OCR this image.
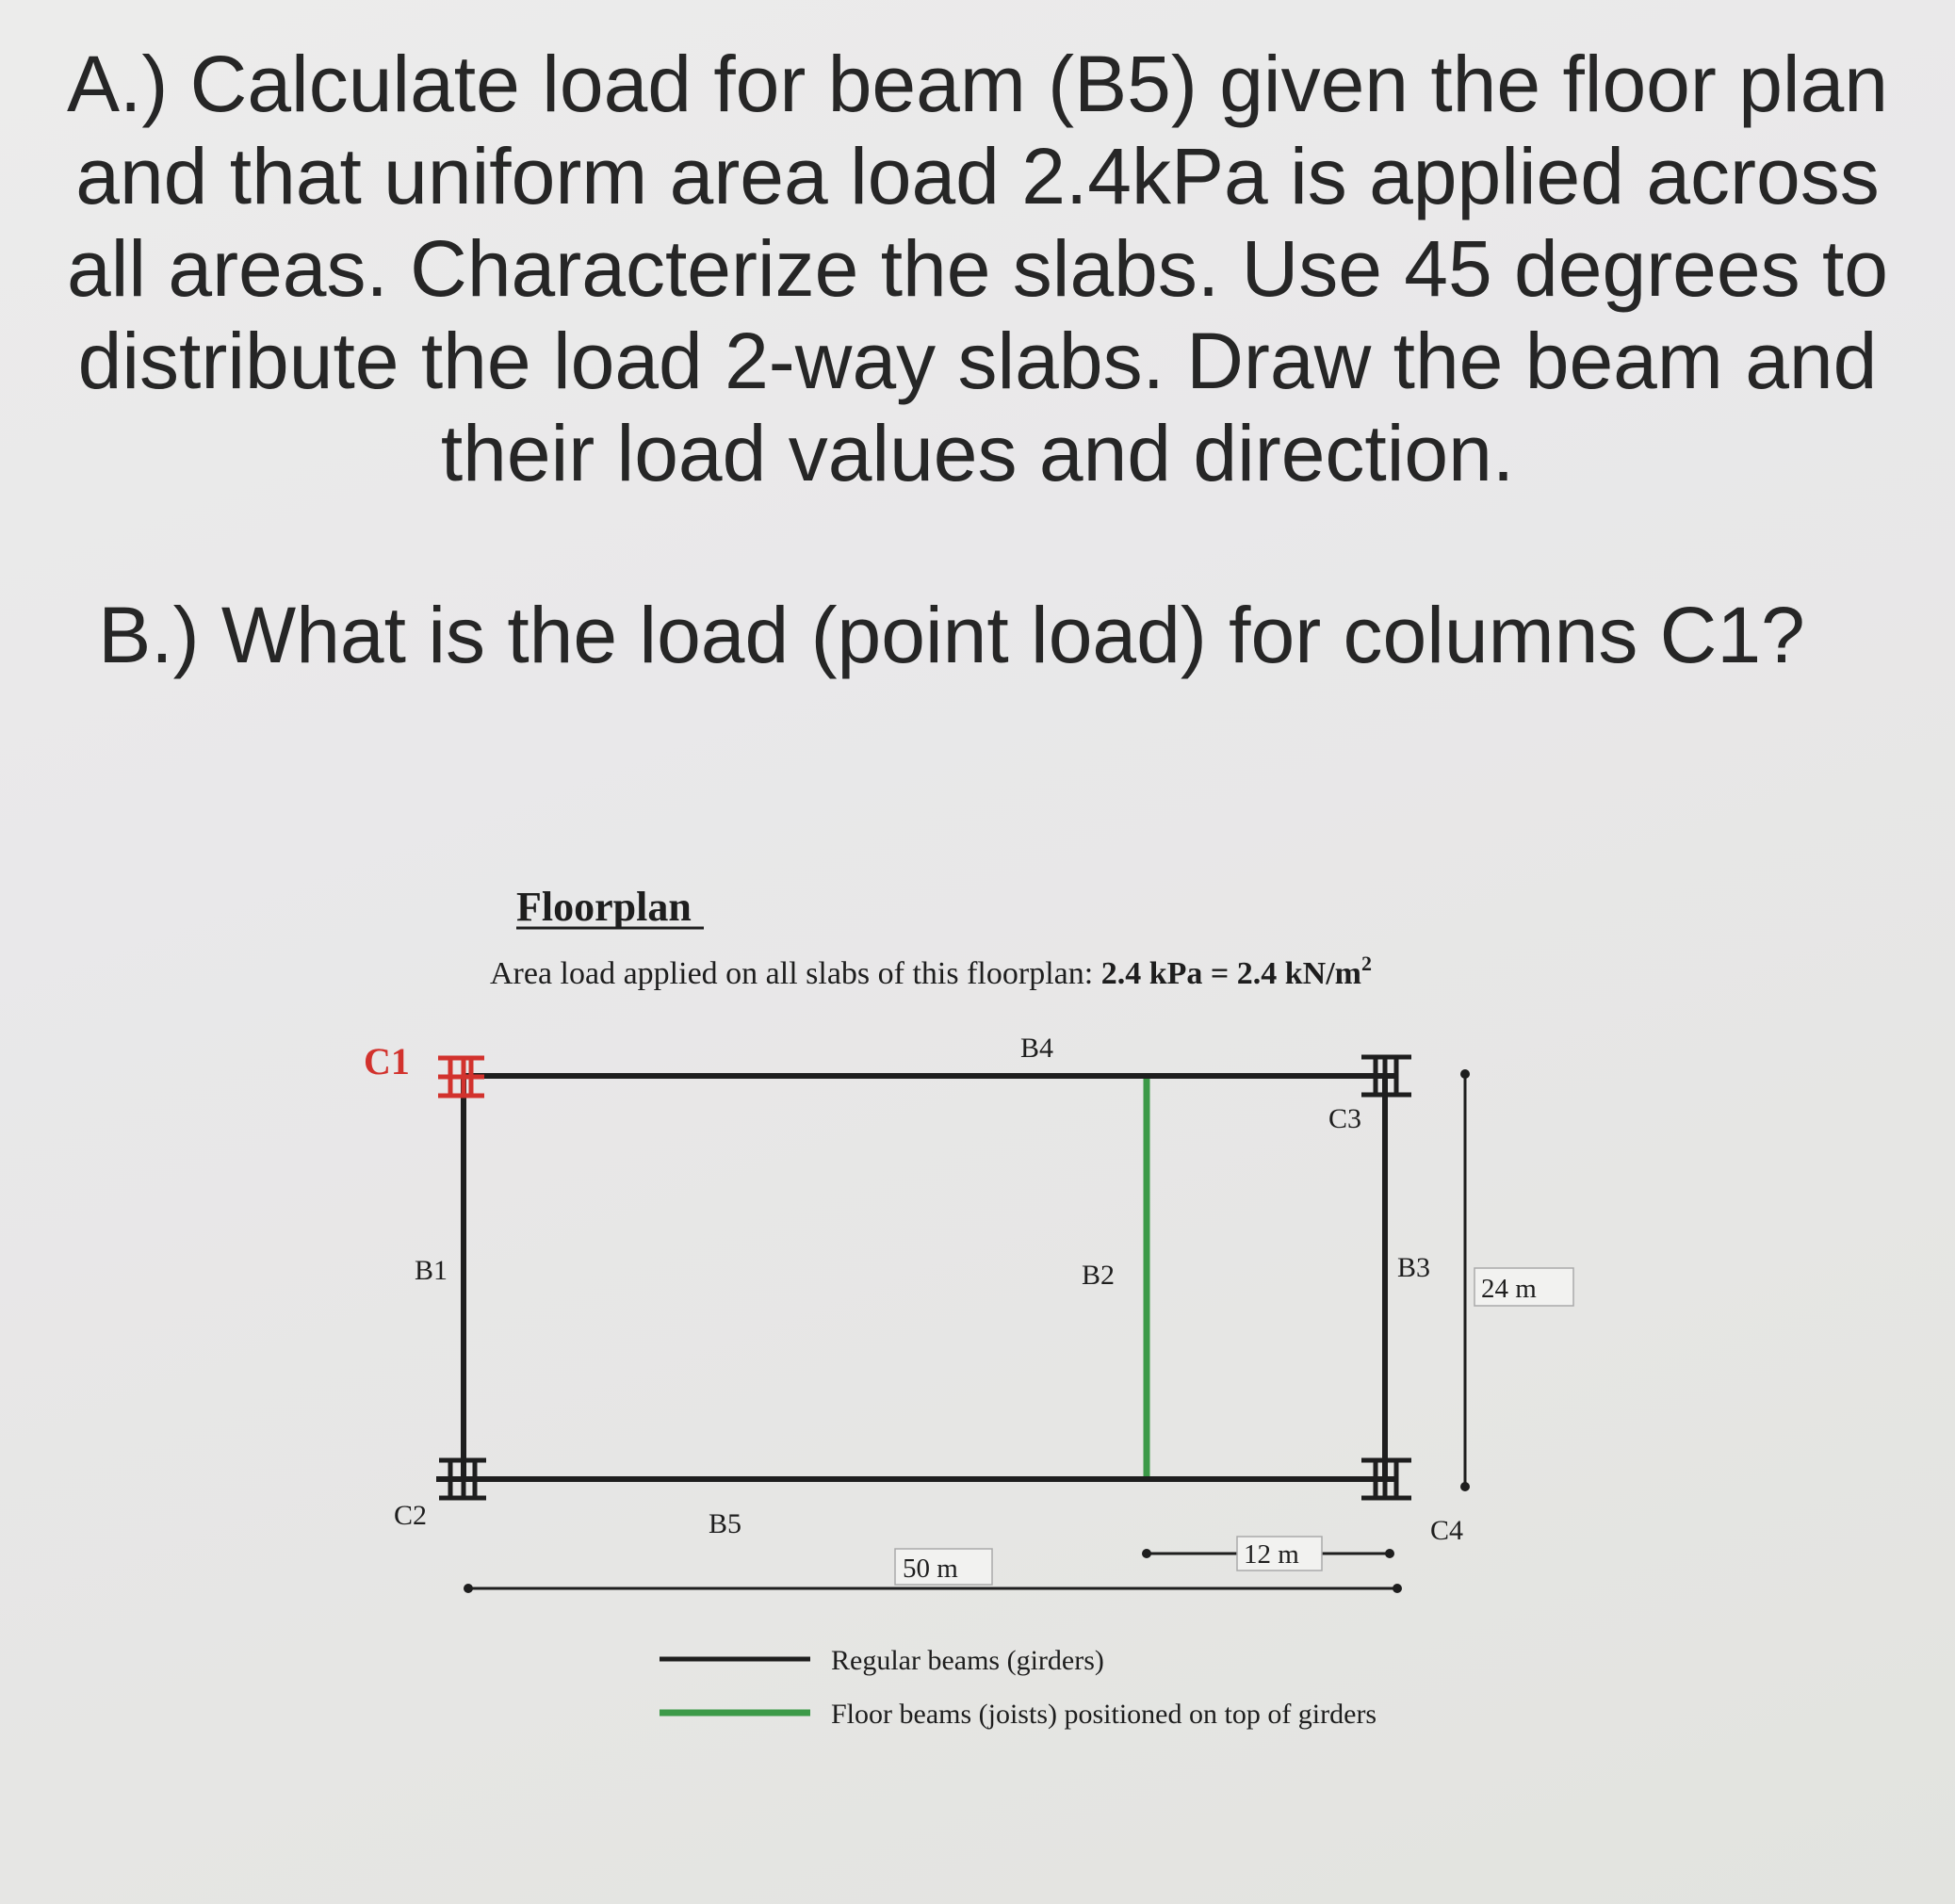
A.) Calculate load for beam (B5) given the floor plan and that uniform area load 2.4kPa is applied across all areas. Characterize the slabs. Use 45 degrees to distribute the load 2-way slabs. Draw the beam and their load values and direction.

B.) What is the load (point load) for columns C1?

Floorplan
Area load applied on all slabs of this floorplan: 2.4 kPa = 2.4 $kN/m^2$
C1
C2
C3
C4
B4
B1	B2	B3
B5
24 m
12 m
50 m
Regular beams (girders)
Floor beams (joists) positioned on top of girders
